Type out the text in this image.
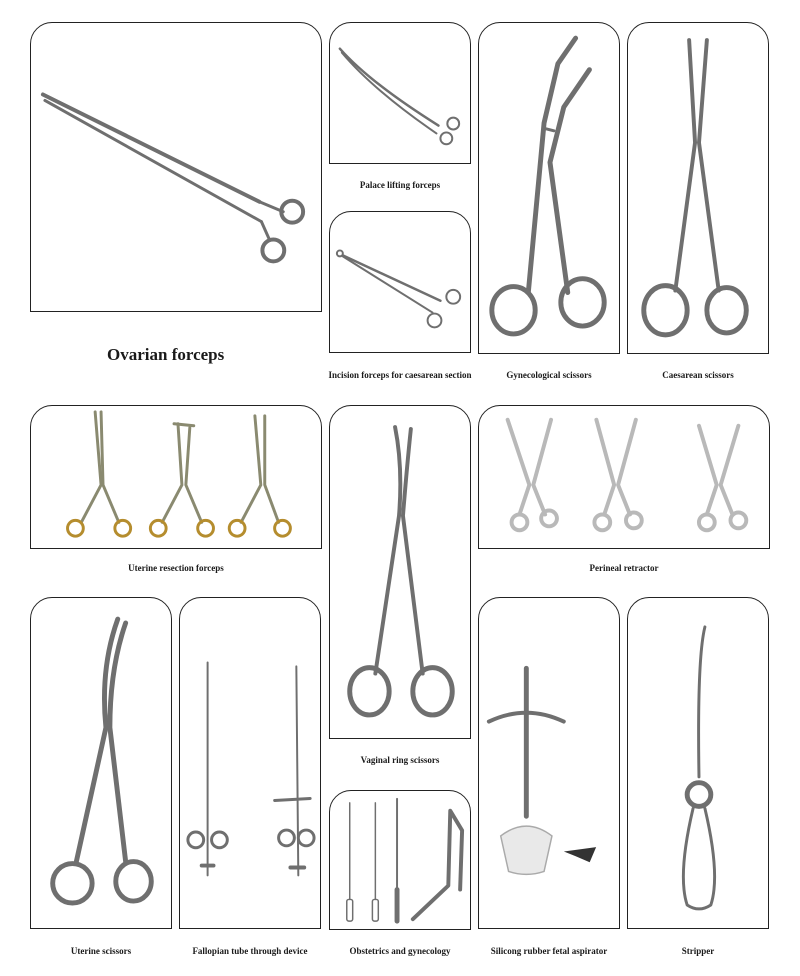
Ovarian forceps
Palace lifting forceps
Incision forceps for caesarean section	Gynecological scissors	Caesarean scissors
Uterine resection forceps
Vaginal ring scissors
Perineal retractor
Uterine scissors	Fallopian tube through device	Obstetrics and gynecology	Silicong rubber fetal aspirator	Stripper
